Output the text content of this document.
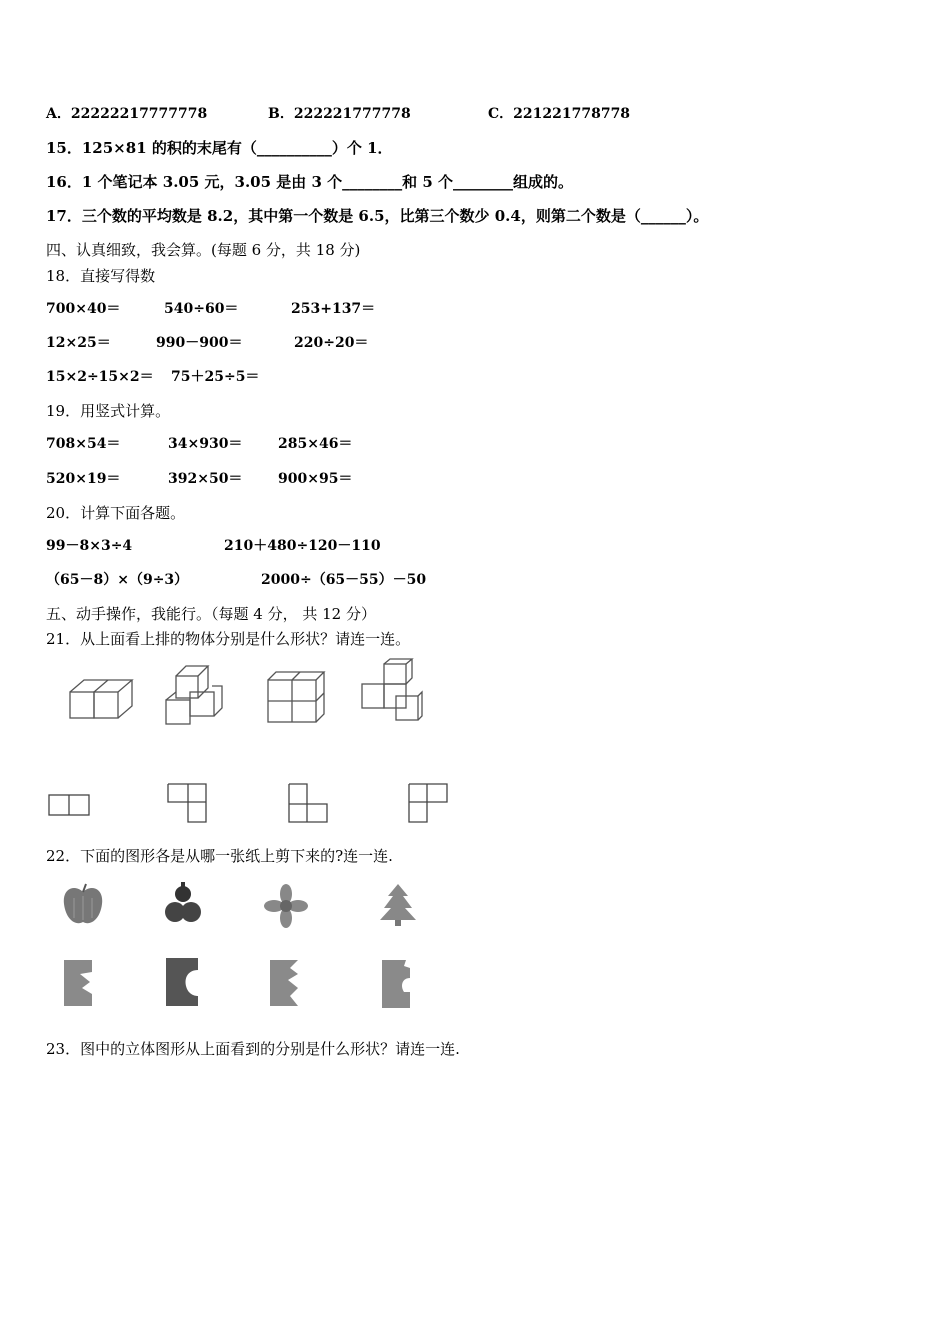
A．22222217777778	B．222221777778	C．221221778778
15．125×81 的积的末尾有（__________）个 1．
16．1 个笔记本 3.05 元，3.05 是由 3 个________和 5 个________组成的。
17．三个数的平均数是 8.2，其中第一个数是 6.5，比第三个数少 0.4，则第二个数是（______）。
四、认真细致，我会算。(每题 6 分，共 18 分)
18．直接写得数
700×40＝	540÷60＝	253+137＝
12×25＝	990－900＝	220÷20＝
15×2÷15×2＝ 75＋25÷5＝
19．用竖式计算。
708×54＝	34×930＝	285×46＝
520×19＝	392×50＝	900×95＝
20．计算下面各题。
99－8×3÷4	210＋480÷120－110
（65－8）×（9÷3）	2000÷（65－55）－50
五、动手操作，我能行。（每题 4 分， 共 12 分）
21．从上面看上排的物体分别是什么形状？请连一连。
22．下面的图形各是从哪一张纸上剪下来的?连一连.
23．图中的立体图形从上面看到的分别是什么形状？请连一连.
